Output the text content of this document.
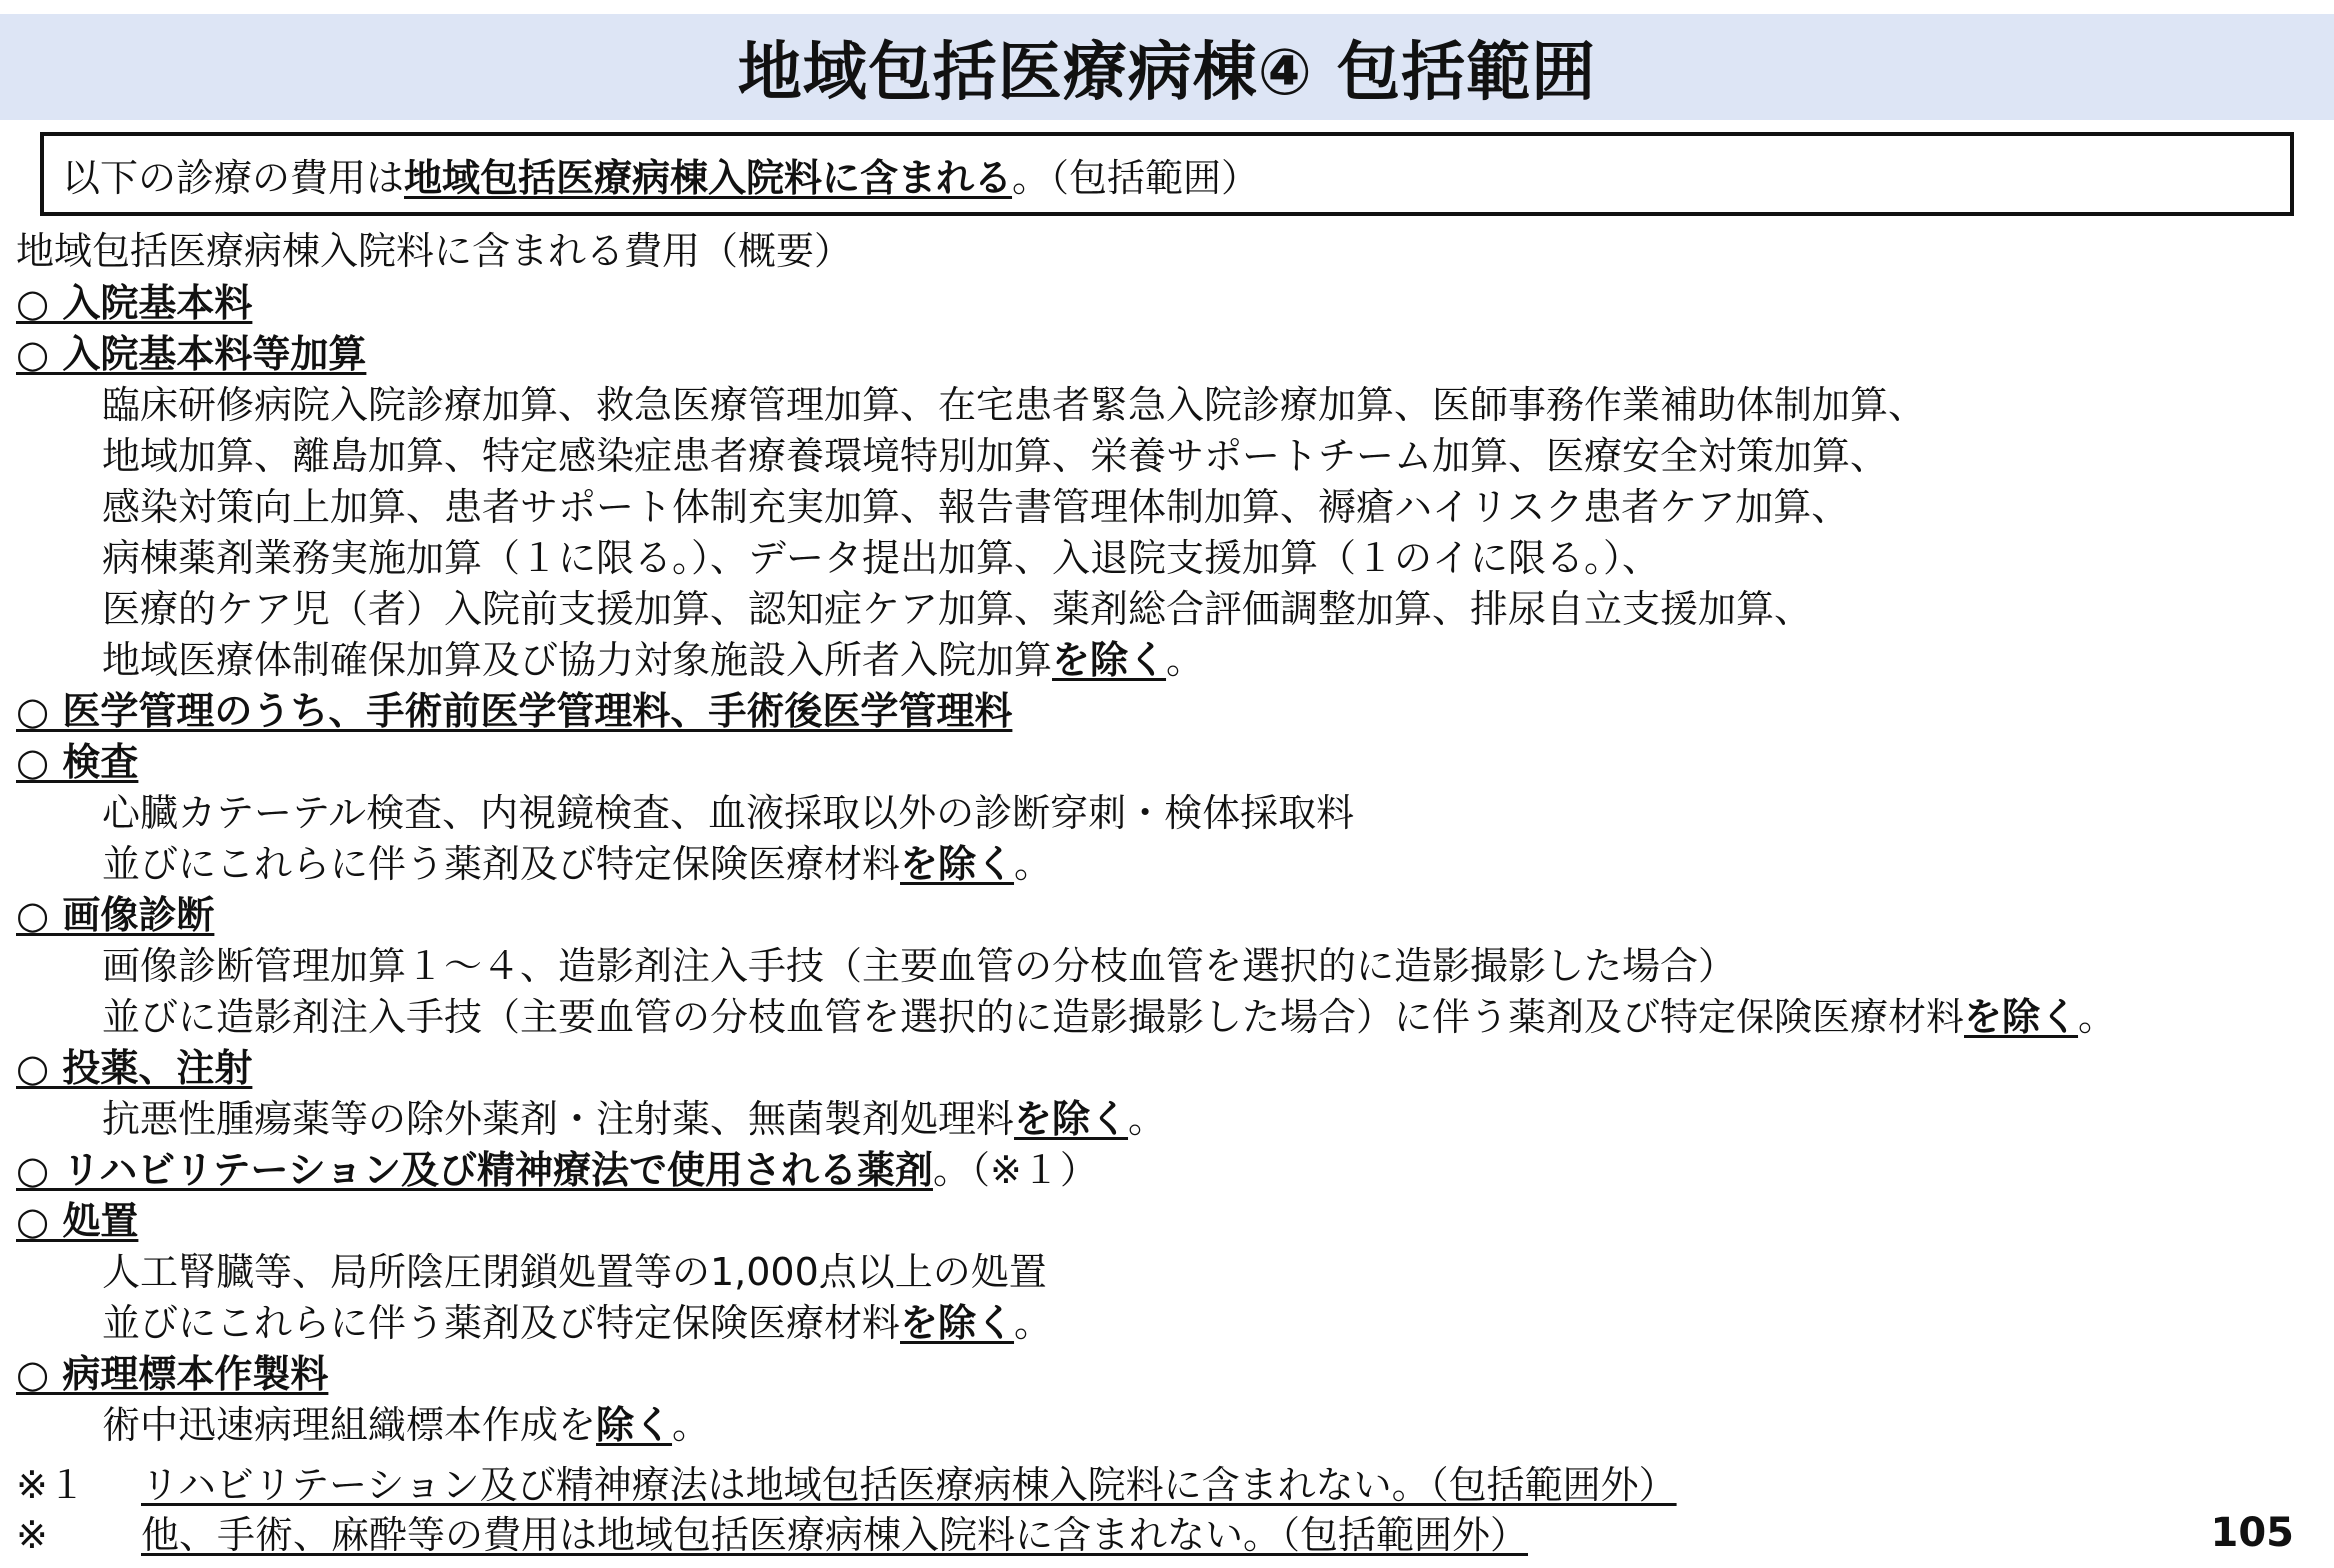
地域包括医療病棟④ 包括範囲
以下の診療の費用は 地域包括医療病棟入院料に含まれる 。（包括範囲）
地域包括医療病棟入院料に含まれる費用（概要）
○ 入院基本料
○ 入院基本料等加算
臨床研修病院入院診療加算、救急医療管理加算、在宅患者緊急入院診療加算、医師事務作業補助体制加算、
地域加算、離島加算、特定感染症患者療養環境特別加算、栄養サポートチーム加算、医療安全対策加算、
感染対策向上加算、患者サポート体制充実加算、報告書管理体制加算、褥瘡ハイリスク患者ケア加算、
病棟薬剤業務実施加算（１に限る。）、データ提出加算、入退院支援加算（１のイに限る。）、
医療的ケア児（者）入院前支援加算、認知症ケア加算、薬剤総合評価調整加算、排尿自立支援加算、
地域医療体制確保加算及び協力対象施設入所者入院加算を除く。
○ 医学管理のうち、手術前医学管理料、手術後医学管理料
○ 検査
心臓カテーテル検査、内視鏡検査、血液採取以外の診断穿刺・検体採取料
並びにこれらに伴う薬剤及び特定保険医療材料を除く。
○ 画像診断
画像診断管理加算１～４、造影剤注入手技（主要血管の分枝血管を選択的に造影撮影した場合）
並びに造影剤注入手技（主要血管の分枝血管を選択的に造影撮影した場合）に伴う薬剤及び特定保険医療材料を除く。
○ 投薬、注射
抗悪性腫瘍薬等の除外薬剤・注射薬、無菌製剤処理料を除く。
○ リハビリテーション及び精神療法で使用される薬剤。（※１）
○ 処置
人工腎臓等、局所陰圧閉鎖処置等の1,000点以上の処置
並びにこれらに伴う薬剤及び特定保険医療材料を除く。
○ 病理標本作製料
術中迅速病理組織標本作成を除く。
※１ リハビリテーション及び精神療法は地域包括医療病棟入院料に含まれない。（包括範囲外）
※ 他、手術、麻酔等の費用は地域包括医療病棟入院料に含まれない。（包括範囲外）	105
